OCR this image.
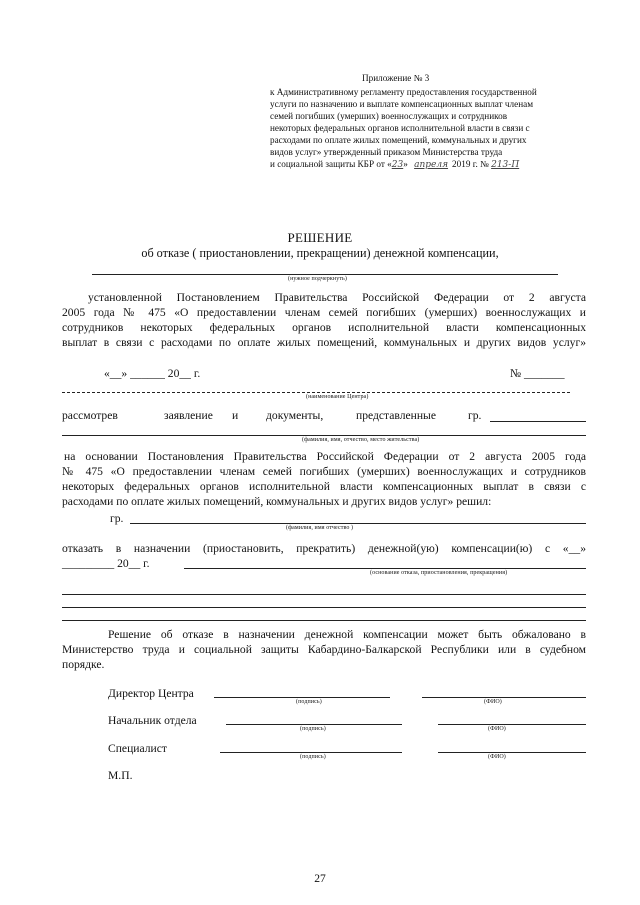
Приложение № 3
к Административному регламенту предоставления государственной
услуги по назначению и выплате компенсационных выплат членам
семей погибших (умерших) военнослужащих и сотрудников
некоторых федеральных органов исполнительной власти в связи с
расходами по оплате жилых помещений, коммунальных и других
видов услуг» утвержденный приказом Министерства труда
и социальной защиты КБР от «23» апреля 2019 г. № 213-П
РЕШЕНИЕ
об отказе ( приостановлении, прекращении) денежной компенсации,
(нужное подчеркнуть)
установленной Постановлением Правительства Российской Федерации от 2 августа
2005 года № 475 «О предоставлении членам семей погибших (умерших) военнослужащих и
сотрудников некоторых федеральных органов исполнительной власти компенсационных
выплат в связи с расходами по оплате жилых помещений, коммунальных и других видов услуг»
«__» ______ 20__ г.	№ _______
(наименование Центра)
рассмотрев	заявление и документы,	представленные	гр.
(фамилия, имя, отчество, место жительства)
на основании Постановления Правительства Российской Федерации от 2 августа 2005 года
№ 475 «О предоставлении членам семей погибших (умерших) военнослужащих и сотрудников
некоторых федеральных органов исполнительной власти компенсационных выплат в связи с
расходами по оплате жилых помещений, коммунальных и других видов услуг» решил:
гр.
(фамилия, имя отчество )
отказать в назначении (приостановить, прекратить) денежной(ую) компенсации(ю) с «__»
_________ 20__ г.
(основание отказа, приостановления, прекращения)
Решение об отказе в назначении денежной компенсации может быть обжаловано в
Министерство труда и социальной защиты Кабардино-Балкарской Республики или в судебном
порядке.
Директор Центра
(подпись)	(ФИО)
Начальник отдела
(подпись)	(ФИО)
Специалист
(подпись)	(ФИО)
М.П.
27
